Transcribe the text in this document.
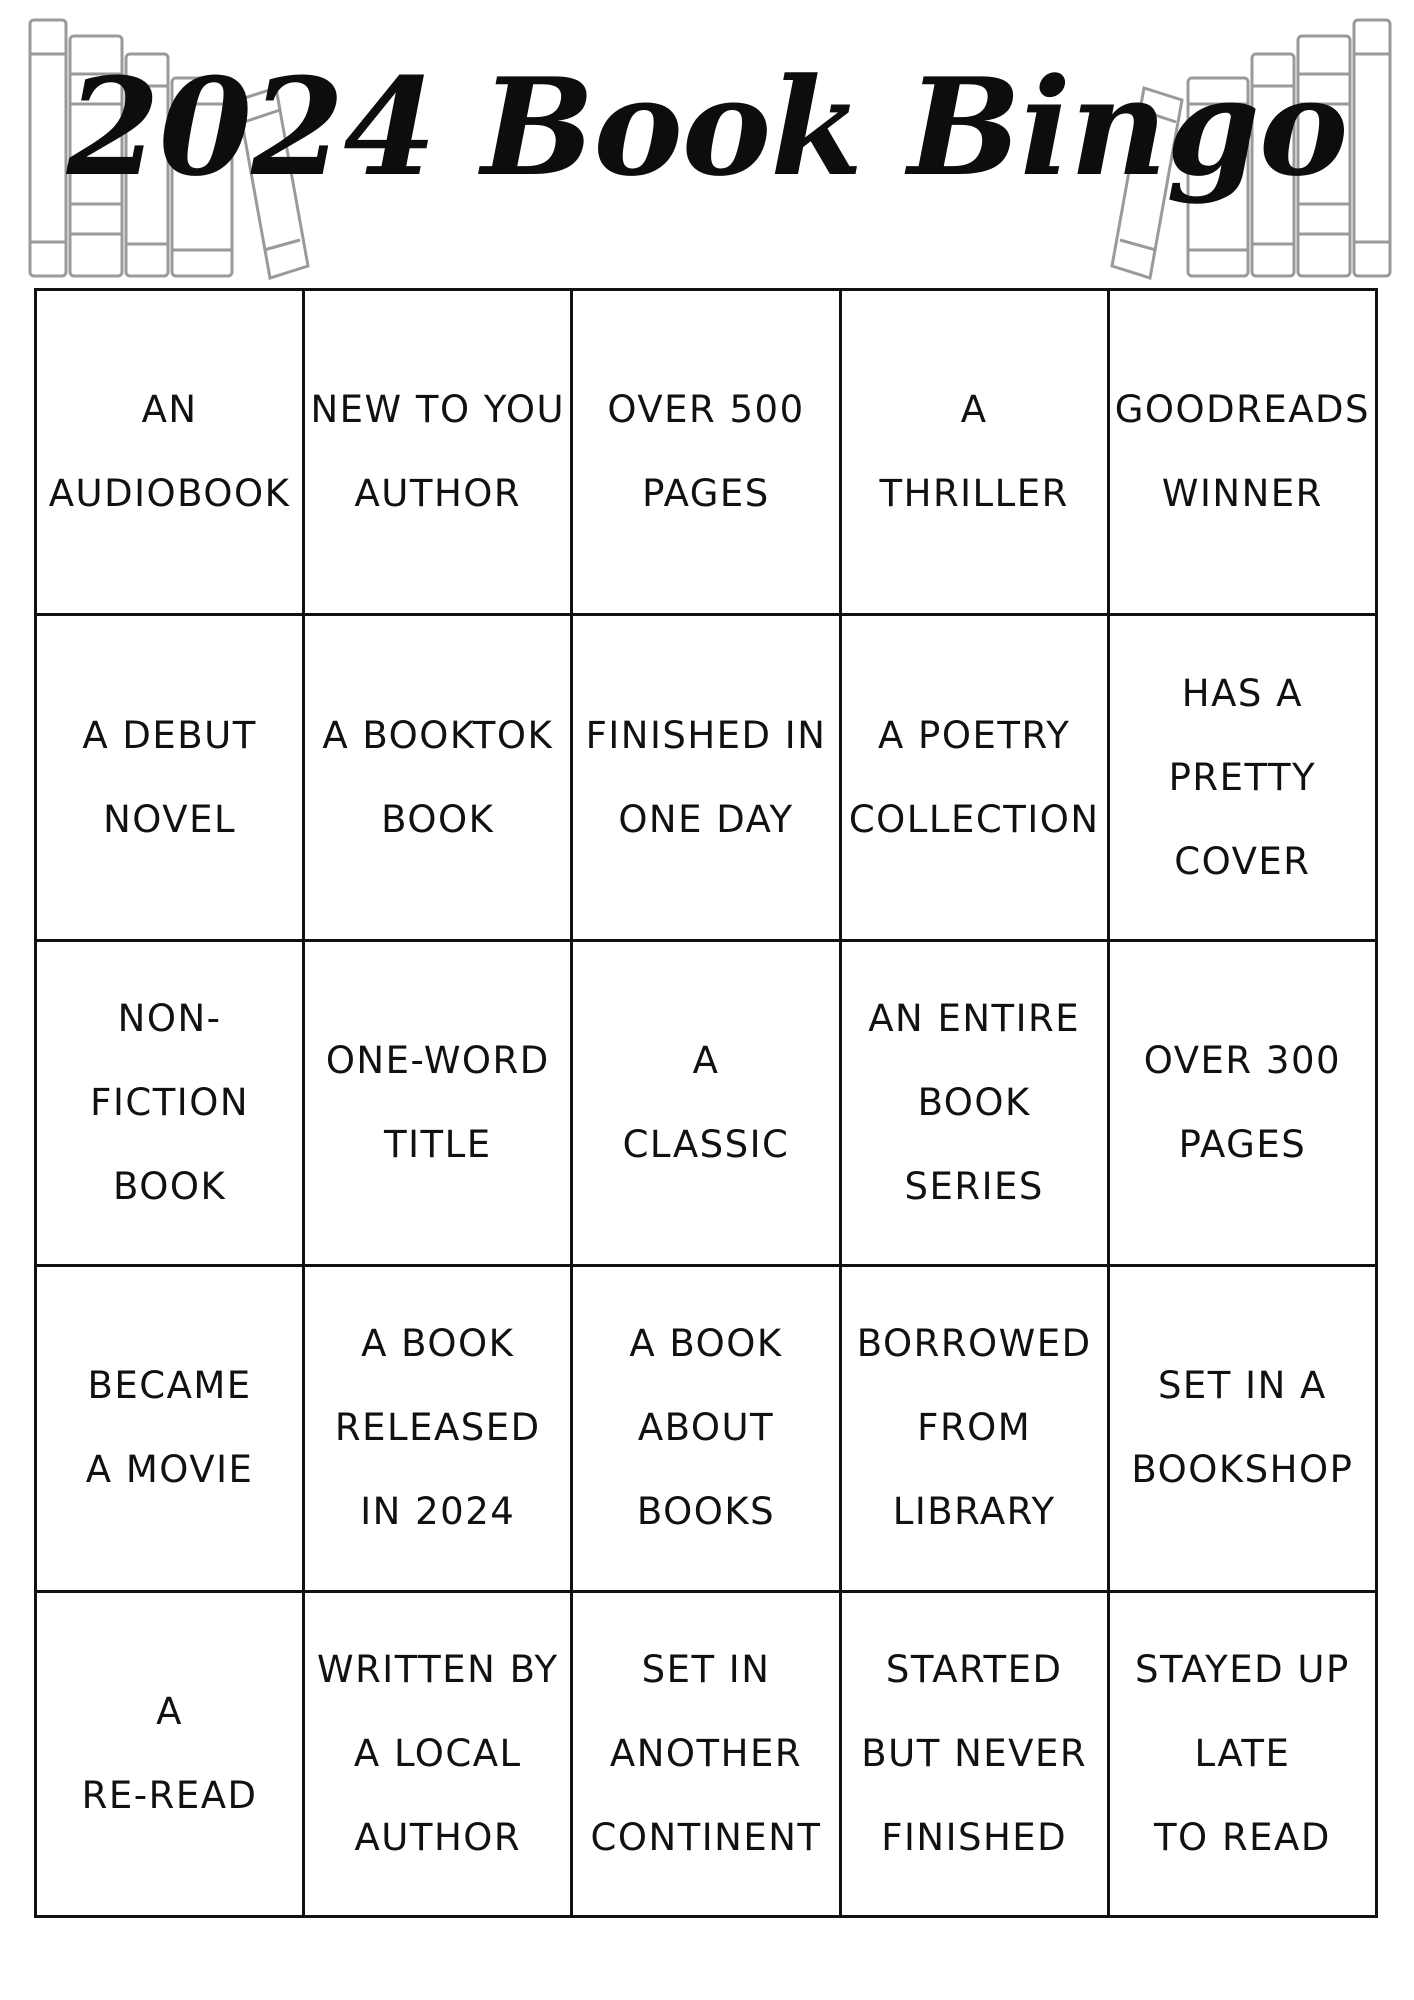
2024 Book Bingo
AN
AUDIOBOOK
NEW TO YOU
AUTHOR
OVER 500
PAGES
A
THRILLER
GOODREADS
WINNER
A DEBUT
NOVEL
A BOOKTOK
BOOK
FINISHED IN
ONE DAY
A POETRY
COLLECTION
HAS A
PRETTY
COVER
NON-FICTION
BOOK
ONE-WORD
TITLE
A
CLASSIC
AN ENTIRE
BOOK
SERIES
OVER 300
PAGES
BECAME
A MOVIE
A BOOK
RELEASED
IN 2024
A BOOK
ABOUT
BOOKS
BORROWED
FROM
LIBRARY
SET IN A
BOOKSHOP
A
RE-READ
WRITTEN BY
A LOCAL
AUTHOR
SET IN
ANOTHER
CONTINENT
STARTED
BUT NEVER
FINISHED
STAYED UP
LATE
TO READ
